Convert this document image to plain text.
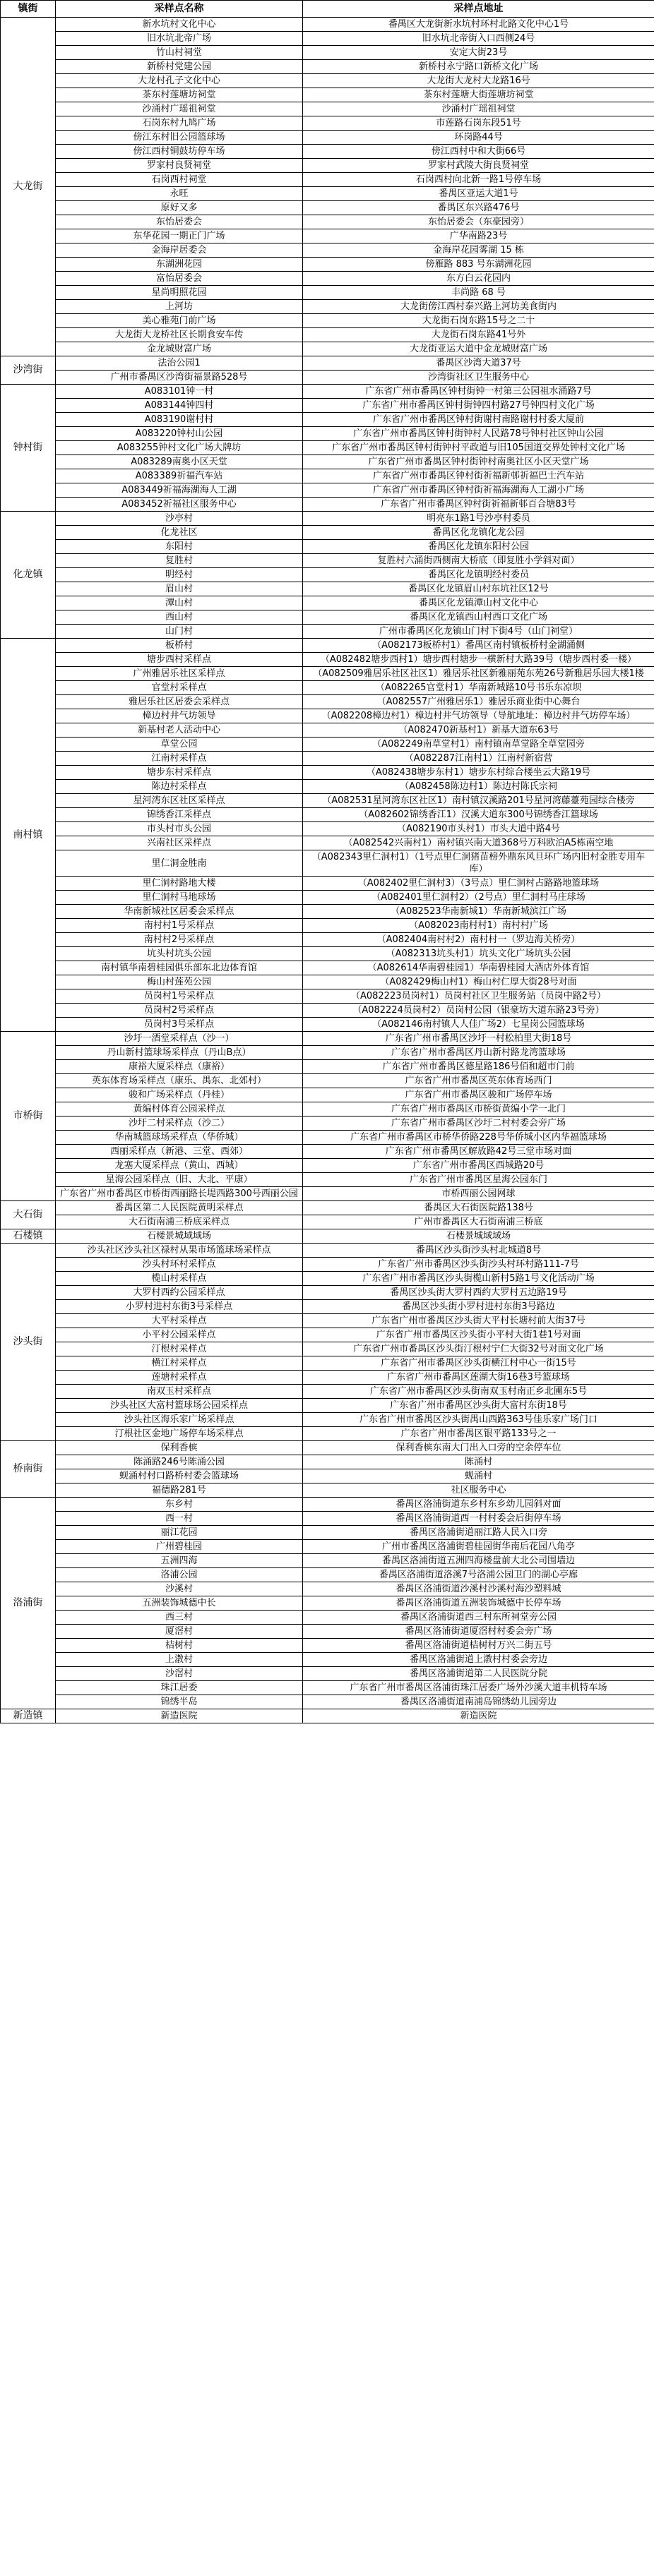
镇街	采样点名称	采样点地址
大龙街	新水坑村文化中心	番禺区大龙街新水坑村环村北路文化中心1号
	旧水坑北帝广场	旧水坑北帝街入口西侧24号
	竹山村祠堂	安定大街23号
	新桥村党建公园	新桥村永宁路口新桥文化广场
	大龙村孔子文化中心	大龙街大龙村大龙路16号
	茶东村莲塘坊祠堂	茶东村莲塘大街莲塘坊祠堂
	沙涌村广瑶祖祠堂	沙涌村广瑶祖祠堂
	石岗东村九鸠广场	市莲路石岗东段51号
	傍江东村旧公园篮球场	环岗路44号
	傍江西村铜鼓坊停车场	傍江西村中和大街66号
	罗家村良贤祠堂	罗家村武陵大街良贤祠堂
	石岗西村祠堂	石岗西村向北新一路1号停车场
	永旺	番禺区亚运大道1号
	原好又多	番禺区东兴路476号
	东怡居委会	东怡居委会（东豪园旁）
	东华花园一期正门广场	广华南路23号
	金海岸居委会	金海岸花园雾湖 15 栋
	东湖洲花园	傍雁路 883 号东湖洲花园
	富怡居委会	东方白云花园内
	星尚明照花园	丰尚路 68 号
	上河坊	大龙街傍江西村泰兴路上河坊美食街内
	美心雅苑门前广场	大龙街石岗东路15号之二十
	大龙街大龙桥社区长期食安车传	大龙街石岗东路41号外
	金龙城财富广场	大龙街亚运大道中金龙城财富广场
沙湾街	法治公园1	番禺区沙湾大道37号
	广州市番禺区沙湾街福景路528号	沙湾街社区卫生服务中心
钟村街	A083101钟一村	广东省广州市番禺区钟村街钟一村第三公园祖水涌路7号
	A083144钟四村	广东省广州市番禺区钟村街钟四村路27号钟四村文化广场
	A083190谢村村	广东省广州市番禺区钟村街谢村南路谢村村委大厦前
	A083220钟村山公园	广东省广州市番禺区钟村街钟村人民路78号钟村社区钟山公园
	A083255钟村文化广场大牌坊	广东省广州市番禺区钟村街钟村平政道与旧105国道交界处钟村文化广场
	A083289南奥小区天堂	广东省广州市番禺区钟村街钟村南奥社区小区天堂广场
	A083389祈福汽车站	广东省广州市番禺区钟村街祈福新邨祈福巴士汽车站
	A083449祈福海湖海人工湖	广东省广州市番禺区钟村街祈福海湖海人工湖小广场
	A083452祈福社区服务中心	广东省广州市番禺区钟村街祈福新邨百合塘83号
化龙镇	沙亭村	明亮东1路1号沙亭村委员
	化龙社区	番禺区化龙镇化龙公园
	东阳村	番禺区化龙镇东阳村公园
	复胜村	复胜村六涌街西侧南大桥底（即复胜小学斜对面）
	明经村	番禺区化龙镇明经村委员
	眉山村	番禺区化龙镇眉山村东坑社区12号
	潭山村	番禺区化龙镇潭山村文化中心
	西山村	番禺区化龙镇西山村西口文化广场
	山门村	广州市番禺区化龙镇山门村下街4号（山门祠堂）
南村镇	板桥村	（A082173板桥村1）番禺区南村镇板桥村金湖涌侧
	塘步西村采样点	（A082482塘步西村1）塘步西村塘步一横新村大路39号（塘步西村委一楼）
	广州雅居乐社区采样点	（A082509雅居乐社区社区1）雅居乐社区新雅丽苑东苑26号新雅居乐园大楼1楼
	官堂村采样点	（A082265官堂村1）华南新城路10号书乐东凉坝
	雅居乐社区居委会采样点	（A082557广州雅居乐1）雅居乐商业街中心舞台
	樟边村井气坊领导	（A082208樟边村1）樟边村井气坊领导（导航地址：樟边村井气坊停车场）
	新基村老人活动中心	（A082470新基村1）新基大道东63号
	草堂公园	（A082249南草堂村1）南村镇南草堂路全草堂园旁
	江南村采样点	（A082287江南村1）江南村新宿营
	塘步东村采样点	（A082438塘步东村1）塘步东村综合楼坐云大路19号
	陈边村采样点	（A082458陈边村1）陈边村陈氏宗祠
	星河湾东区社区采样点	（A082531星河湾东区社区1）南村镇汉溪路201号星河湾藤薹苑园综合楼旁
	锦绣香江采样点	（A082602锦绣香江1）汉溪大道东300号锦绣香江篮球场
	市头村市头公园	（A082190市头村1）市头大道中路4号
	兴南社区采样点	（A082542兴南村1）南村镇兴南大道368号万科欧泊A5栋南空地
	里仁洞金胜南	（A082343里仁洞村1）（1号点里仁洞猪苗榜外鼎东风旦环广场内旧村金胜专用车库）
	里仁洞村路地大楼	（A082402里仁洞村3）（3号点）里仁洞村占路路地篮球场
	里仁洞村马地球场	（A082401里仁洞村2）（2号点）里仁洞村马庄球场
	华南新城社区居委会采样点	（A082523华南新城1）华南新城滨江广场
	南村村1号采样点	（A082023南村村1）南村村广场
	南村村2号采样点	（A082404南村村2）南村村一（罗边海关桥旁）
	坑头村坑头公园	（A082313坑头村1）坑头文化广场坑头公园
	南村镇华南碧桂园俱乐部东北边体育馆	（A082614华南碧桂园1）华南碧桂园大酒店外体育馆
	梅山村莲苑公园	（A082429梅山村1）梅山村仁厚大街28号对面
	员岗村1号采样点	（A082223员岗村1）员岗村社区卫生服务站（员岗中路2号）
	员岗村2号采样点	（A082224员岗村2）员岗村公园（银豪坊大道东路23号旁）
	员岗村3号采样点	（A082146南村镇人人佳广场2）七星岗公园篮球场
市桥街	沙圩一酒堂采样点（沙一）	广东省广州市番禺区沙圩一村松柏里大街18号
	丹山新村篮球场采样点（丹山B点）	广东省广州市番禺区丹山新村路龙湾篮球场
	康裕大厦采样点（康裕）	广东省广州市番禺区德星路186号佰和超市门前
	英东体育场采样点（康乐、禺东、北郊村）	广东省广州市番禺区英东体育场西门
	骏和广场采样点（丹桂）	广东省广州市番禺区骏和广场停车场
	黄编村体育公园采样点	广东省广州市番禺区市桥街黄编小学一北门
	沙圩二村采样点（沙二）	广东省广州市番禺区沙圩二村村委会旁广场
	华南城篮球场采样点（华侨城）	广东省广州市番禺区市桥华侨路228号华侨城小区内华福篮球场
	西丽采样点（新港、三堂、西郊）	广东省广州市番禺区解放路42号三堂市场对面
	龙塞大厦采样点（黄山、西城）	广东省广州市番禺区西城路20号
	星海公园采样点（旧、大北、平康）	广东省广州市番禺区星海公园东门
	广东省广州市番禺区市桥街西丽路长堤西路300号西丽公园	市桥西丽公园网球
大石街	番禺区第二人民医院黄明采样点	番禺区大石街医院路138号
	大石街南浦三桥底采样点	广州市番禺区大石街南浦三桥底
石楼镇	石楼景城域域场	石楼景城域域场
沙头街	沙头社区沙头社区禄村从果市场篮球场采样点	番禺区沙头街沙头村北城道8号
	沙头村环村采样点	广东省广州市番禺区沙头街沙头村环村路111-7号
	榄山村采样点	广东省广州市番禺区沙头街榄山新村5路1号文化活动广场
	大罗村西约公园采样点	番禺区沙头街大罗村西约大罗村五边路19号
	小罗村进村东街3号采样点	番禺区沙头街小罗村进村东街3号路边
	大平村采样点	广东省广州市番禺区沙头街大平村长塘村前大街37号
	小平村公园采样点	广东省广州市番禺区沙头街小平村大街1巷1号对面
	汀根村采样点	广东省广州市番禺区沙头街汀根村宁仁大街32号对面文化广场
	横江村采样点	广东省广州市番禺区沙头街横江村中心一街15号
	莲塘村采样点	广东省广州市番禺区莲湖大街16巷3号篮球场
	南双玉村采样点	广东省广州市番禺区沙头街南双玉村南正乡北圃东5号
	沙头社区大富村篮球场公园采样点	广东省广州市番禺区沙头街大富村东街18号
	沙头社区海乐家广场采样点	广东省广州市番禺区沙头街禺山西路363号佳乐家广场门口
	汀根社区金地广场停车场采样点	广东省广州市番禺区银平路133号之一
桥南街	保利香槟	保利香槟东南大门出入口旁的空余停车位
	陈涌路246号陈涌公园	陈涌村
	蚬涌村村口路桥村委会篮球场	蚬涌村
	福德路281号	社区服务中心
洛浦街	东乡村	番禺区洛浦街道东乡村东乡幼儿园斜对面
	西一村	番禺区洛浦街道西一村村委会后街停车场
	丽江花园	番禺区洛浦街道丽江路人民入口旁
	广州碧桂园	广州市番禺区洛浦街碧桂园街华南后花园八角亭
	五洲四海	番禺区洛浦街道五洲四海楼盘前大北公司围墙边
	洛浦公园	番禺区洛浦街道洛溪7号洛浦公园卫门的湖心亭廊
	沙溪村	番禺区洛浦街道沙溪村沙溪村海沙塑料城
	五洲装饰城德中长	番禺区洛浦街道五洲装饰城德中长停车场
	西三村	番禺区洛浦街道西三村东所祠堂旁公园
	厦滘村	番禺区洛浦街道厦滘村村委会旁广场
	桔树村	番禺区洛浦街道桔树村万兴二街五号
	上漖村	番禺区洛浦街道上漖村村委会旁边
	沙滘村	番禺区洛浦街道第二人民医院分院
	珠江居委	广东省广州市番禺区洛浦街珠江居委广场外沙溪大道丰机特车场
	锦绣半岛	番禺区洛浦街道南浦岛锦绣幼儿园旁边
新造镇	新造医院	新造医院
